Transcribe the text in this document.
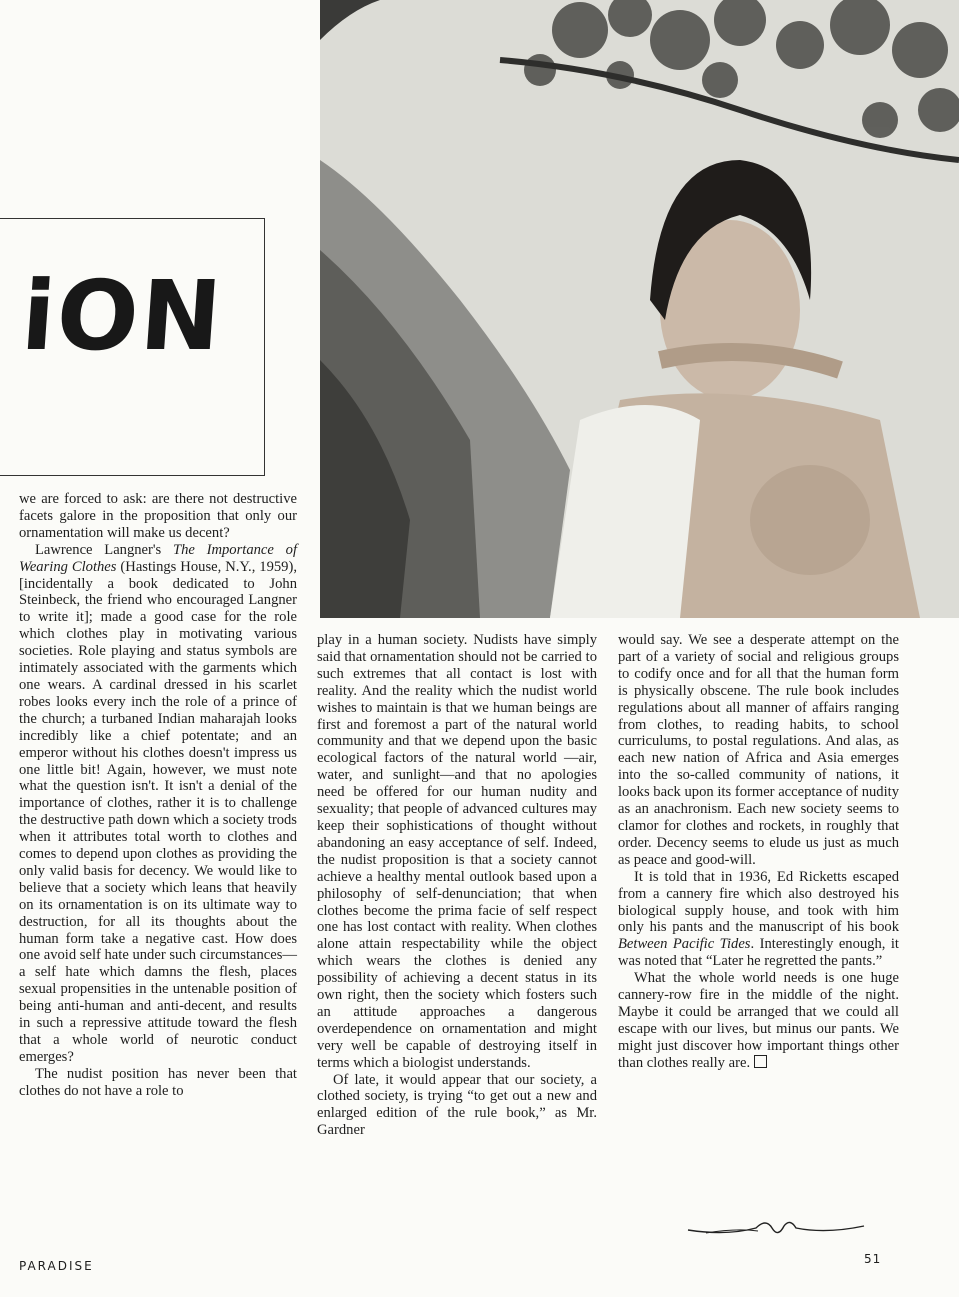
iON

we are forced to ask: are there not destructive facets galore in the proposition that only our ornamentation will make us decent?

Lawrence Langner's The Importance of Wearing Clothes (Hastings House, N.Y., 1959), [incidentally a book dedicated to John Steinbeck, the friend who encouraged Langner to write it]; made a good case for the role which clothes play in motivating various societies. Role playing and status symbols are intimately associated with the garments which one wears. A cardinal dressed in his scarlet robes looks every inch the role of a prince of the church; a turbaned Indian maharajah looks incredibly like a chief potentate; and an emperor without his clothes doesn't impress us one little bit! Again, however, we must note what the question isn't. It isn't a denial of the importance of clothes, rather it is to challenge the destructive path down which a society trods when it attributes total worth to clothes and comes to depend upon clothes as providing the only valid basis for decency. We would like to believe that a society which leans that heavily on its ornamentation is on its ultimate way to destruction, for all its thoughts about the human form take a negative cast. How does one avoid self hate under such circumstances—a self hate which damns the flesh, places sexual propensities in the untenable position of being anti-human and anti-decent, and results in such a repressive attitude toward the flesh that a whole world of neurotic conduct emerges?

The nudist position has never been that clothes do not have a role to

play in a human society. Nudists have simply said that ornamentation should not be carried to such extremes that all contact is lost with reality. And the reality which the nudist world wishes to maintain is that we human beings are first and foremost a part of the natural world community and that we depend upon the basic ecological factors of the natural world —air, water, and sunlight—and that no apologies need be offered for our human nudity and sexuality; that people of advanced cultures may keep their sophistications of thought without abandoning an easy acceptance of self. Indeed, the nudist proposition is that a society cannot achieve a healthy mental outlook based upon a philosophy of self-denunciation; that when clothes become the prima facie of self respect one has lost contact with reality. When clothes alone attain respectability while the object which wears the clothes is denied any possibility of achieving a decent status in its own right, then the society which fosters such an attitude approaches a dangerous overdependence on ornamentation and might very well be capable of destroying itself in terms which a biologist understands.

Of late, it would appear that our society, a clothed society, is trying “to get out a new and enlarged edition of the rule book,” as Mr. Gardner

would say. We see a desperate attempt on the part of a variety of social and religious groups to codify once and for all that the human form is physically obscene. The rule book includes regulations about all manner of affairs ranging from clothes, to reading habits, to school curriculums, to postal regulations. And alas, as each new nation of Africa and Asia emerges into the so-called community of nations, it looks back upon its former acceptance of nudity as an anachronism. Each new society seems to clamor for clothes and rockets, in roughly that order. Decency seems to elude us just as much as peace and good-will.

It is told that in 1936, Ed Ricketts escaped from a cannery fire which also destroyed his biological supply house, and took with him only his pants and the manuscript of his book Between Pacific Tides. Interestingly enough, it was noted that “Later he regretted the pants.”

What the whole world needs is one huge cannery-row fire in the middle of the night. Maybe it could be arranged that we could all escape with our lives, but minus our pants. We might just discover how important things other than clothes really are.

PARADISE	51
